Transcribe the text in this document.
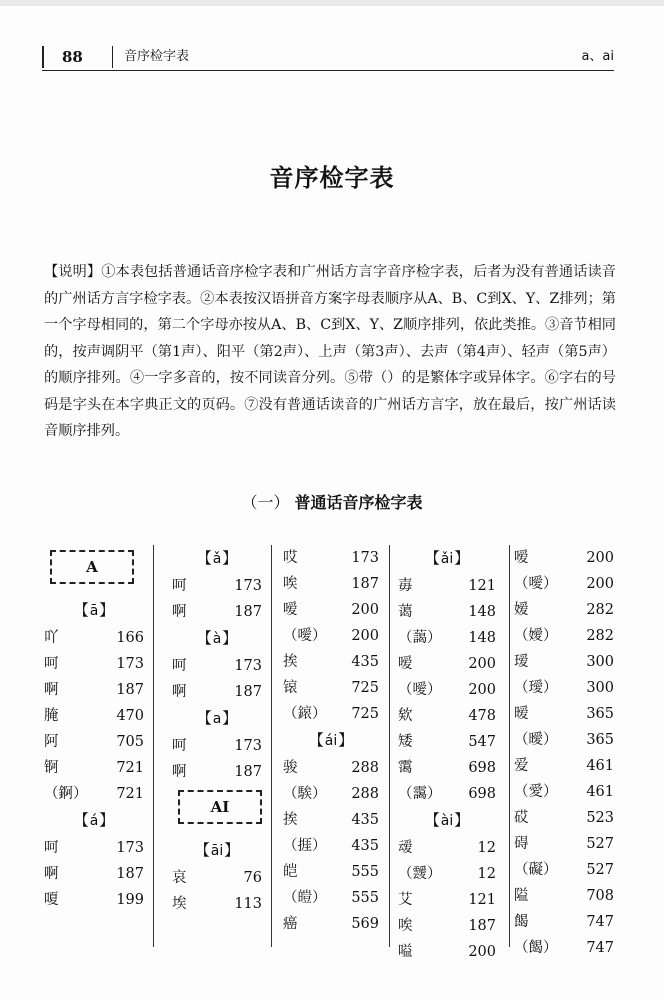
88	音序检字表	a、ai
音序检字表
【说明】①本表包括普通话音序检字表和广州话方言字音序检字表，后者为没有普通话读音的广州话方言字检字表。②本表按汉语拼音方案字母表顺序从A、B、C到X、Y、Z排列；第一个字母相同的，第二个字母亦按从A、B、C到X、Y、Z顺序排列，依此类推。③音节相同的，按声调阴平（第1声）、阳平（第2声）、上声（第3声）、去声（第4声）、轻声（第5声）的顺序排列。④一字多音的，按不同读音分列。⑤带（）的是繁体字或异体字。⑥字右的号码是字头在本字典正文的页码。⑦没有普通话读音的广州话方言字，放在最后，按广州话读音顺序排列。
（一） 普通话音序检字表
A
【ā】
吖	166
呵	173
啊	187
腌	470
阿	705
锕	721
（錒） 721
【á】
呵	173
啊	187
嗄	199
【ǎ】
呵	173
啊	187
【à】
呵	173
啊	187
【a】
呵	173
啊	187
AI
【āi】
哀	76
埃	113
哎	173
唉	187
嗳	200
（噯） 200
挨	435
锿	725
（鎄） 725
【ái】
骏	288
（騃） 288
挨	435
（捱） 435
皑	555
（皚） 555
癌	569
【ǎi】
毐	121
蔼	148
（藹） 148
嗳	200
（噯） 200
欸	478
矮	547
霭	698
（靄） 698
【ài】
叆	12
（靉） 12
艾	121
唉	187
嗌	200
嗳	200
（噯） 200
嫒	282
（嬡） 282
瑷	300
（璦） 300
暧	365
（曖） 365
爱	461
（愛） 461
砹	523
碍	527
（礙） 527
隘	708
餲	747
（餲） 747
